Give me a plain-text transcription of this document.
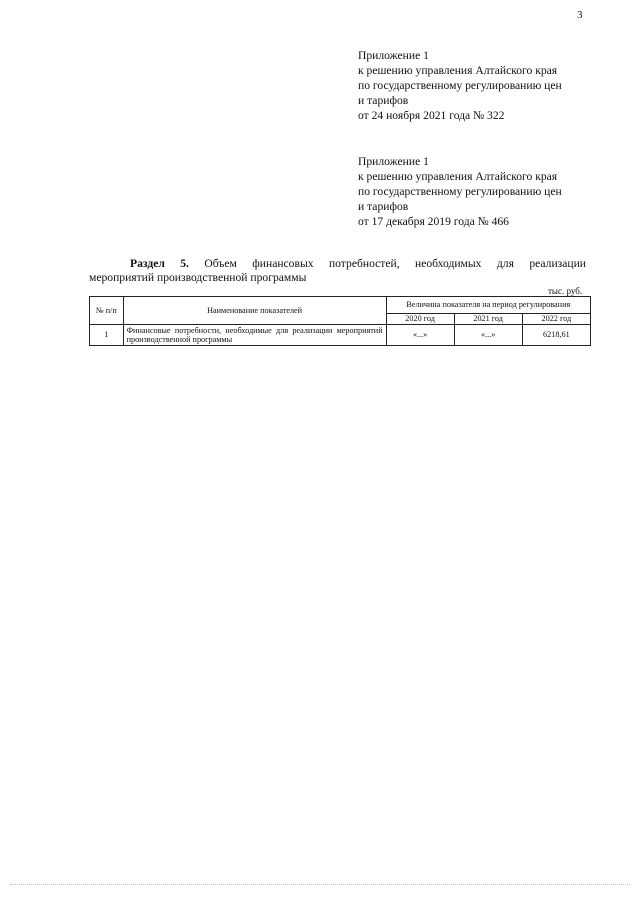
3
Приложение 1
к решению управления Алтайского края
по государственному регулированию цен
и тарифов
от 24 ноября 2021 года № 322
Приложение 1
к решению управления Алтайского края
по государственному регулированию цен
и тарифов
от 17 декабря 2019 года № 466
Раздел 5. Объем финансовых потребностей, необходимых для реализации
мероприятий производственной программы
тыс. руб.
№ п/п	Наименование показателей	Величина показателя на период регулирования		
		2020 год	2021 год	2022 год
1	Финансовые потребности, необходимые для реализации мероприятий производственной программы	«...»	«...»	6218,61
